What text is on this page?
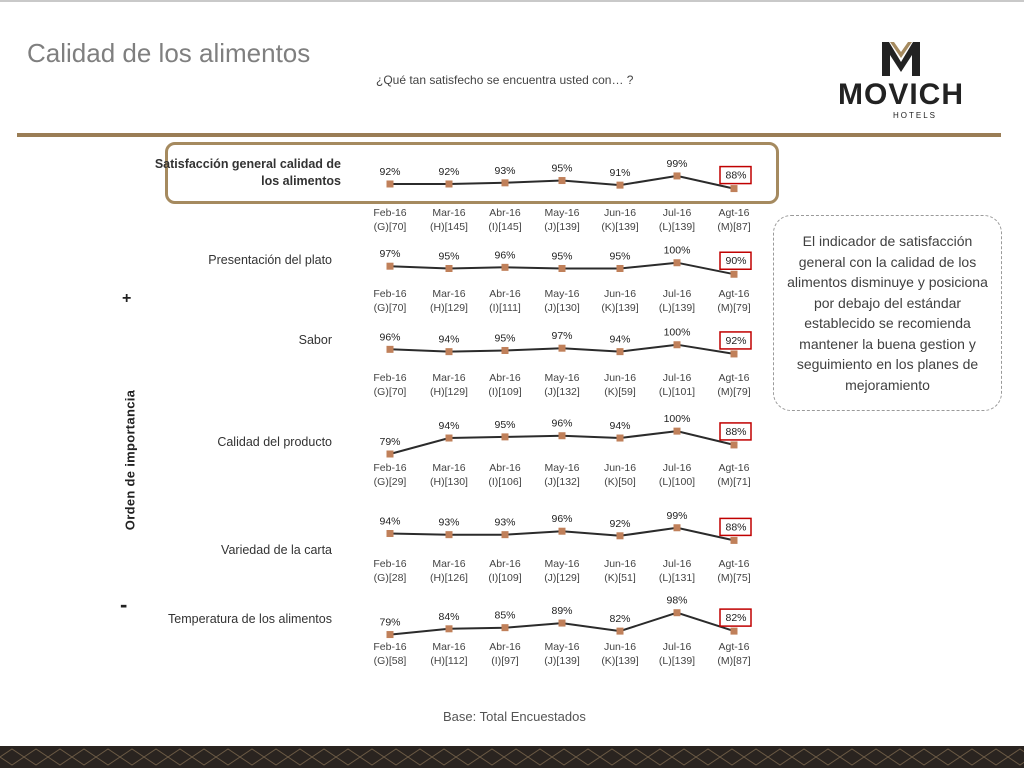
Calidad de los alimentos
¿Qué tan satisfecho se encuentra usted con… ?	MOVICH
HOTELS
Orden de importancia
+
-
Satisfacción general calidad de los alimentos
Presentación del plato
Sabor
Calidad del producto
Variedad de la carta
Temperatura de los alimentos
92%
Feb-16
(G)[70]
92%
Mar-16
(H)[145]
93%
Abr-16
(I)[145]
95%
May-16
(J)[139]
91%
Jun-16
(K)[139]
99%
Jul-16
(L)[139]
88%
Agt-16
(M)[87]
97%
Feb-16
(G)[70]
95%
Mar-16
(H)[129]
96%
Abr-16
(I)[111]
95%
May-16
(J)[130]
95%
Jun-16
(K)[139]
100%
Jul-16
(L)[139]
90%
Agt-16
(M)[79]
96%
Feb-16
(G)[70]
94%
Mar-16
(H)[129]
95%
Abr-16
(I)[109]
97%
May-16
(J)[132]
94%
Jun-16
(K)[59]
100%
Jul-16
(L)[101]
92%
Agt-16
(M)[79]
79%
Feb-16
(G)[29]
94%
Mar-16
(H)[130]
95%
Abr-16
(I)[106]
96%
May-16
(J)[132]
94%
Jun-16
(K)[50]
100%
Jul-16
(L)[100]
88%
Agt-16
(M)[71]
94%
Feb-16
(G)[28]
93%
Mar-16
(H)[126]
93%
Abr-16
(I)[109]
96%
May-16
(J)[129]
92%
Jun-16
(K)[51]
99%
Jul-16
(L)[131]
88%
Agt-16
(M)[75]
79%
Feb-16
(G)[58]
84%
Mar-16
(H)[112]
85%
Abr-16
(I)[97]
89%
May-16
(J)[139]
82%
Jun-16
(K)[139]
98%
Jul-16
(L)[139]
82%
Agt-16
(M)[87]
El indicador de satisfacción general con la calidad de los alimentos disminuye y posiciona por debajo del estándar establecido se recomienda mantener la buena gestion y seguimiento en los planes de mejoramiento
Base: Total Encuestados
